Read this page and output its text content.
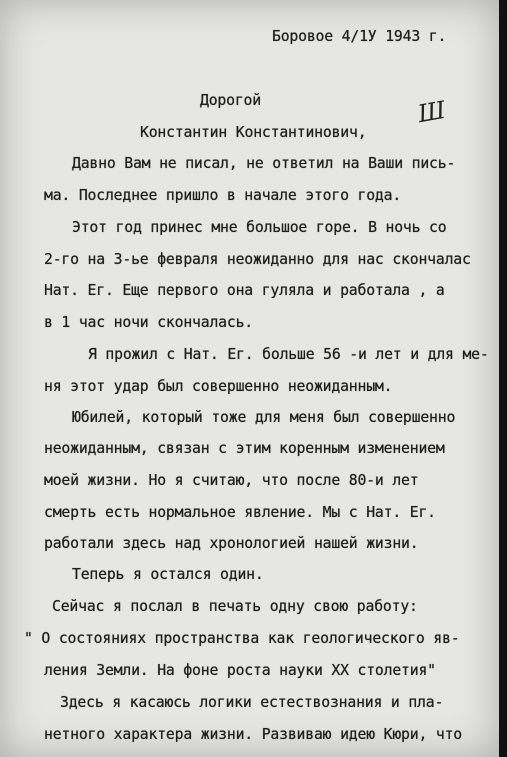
Боровое 4/1У 1943 г.
Дорогой
Константин Константинович,
Ш
Давно Вам не писал, не ответил на Ваши пись-
ма. Последнее пришло в начале этого года.
Этот год принес мне большое горе. В ночь со
2-го на 3-ье февраля неожиданно для нас скончалас
Нат. Ег. Еще первого она гуляла и работала , а
в 1 час ночи скончалась.
Я прожил с Нат. Ег. больше 56 -и лет и для ме-
ня этот удар был совершенно неожиданным.
Юбилей, который тоже для меня был совершенно
неожиданным, связан с этим коренным изменением
моей жизни. Но я считаю, что после 80-и лет
смерть есть нормальное явление. Мы с Нат. Ег.
работали здесь над хронологией нашей жизни.
Теперь я остался один.
Сейчас я послал в печать одну свою работу:
" О состояниях пространства как геологического яв-
ления Земли. На фоне роста науки XX столетия"
Здесь я касаюсь логики естествознания и пла-
нетного характера жизни. Развиваю идею Кюри, что
